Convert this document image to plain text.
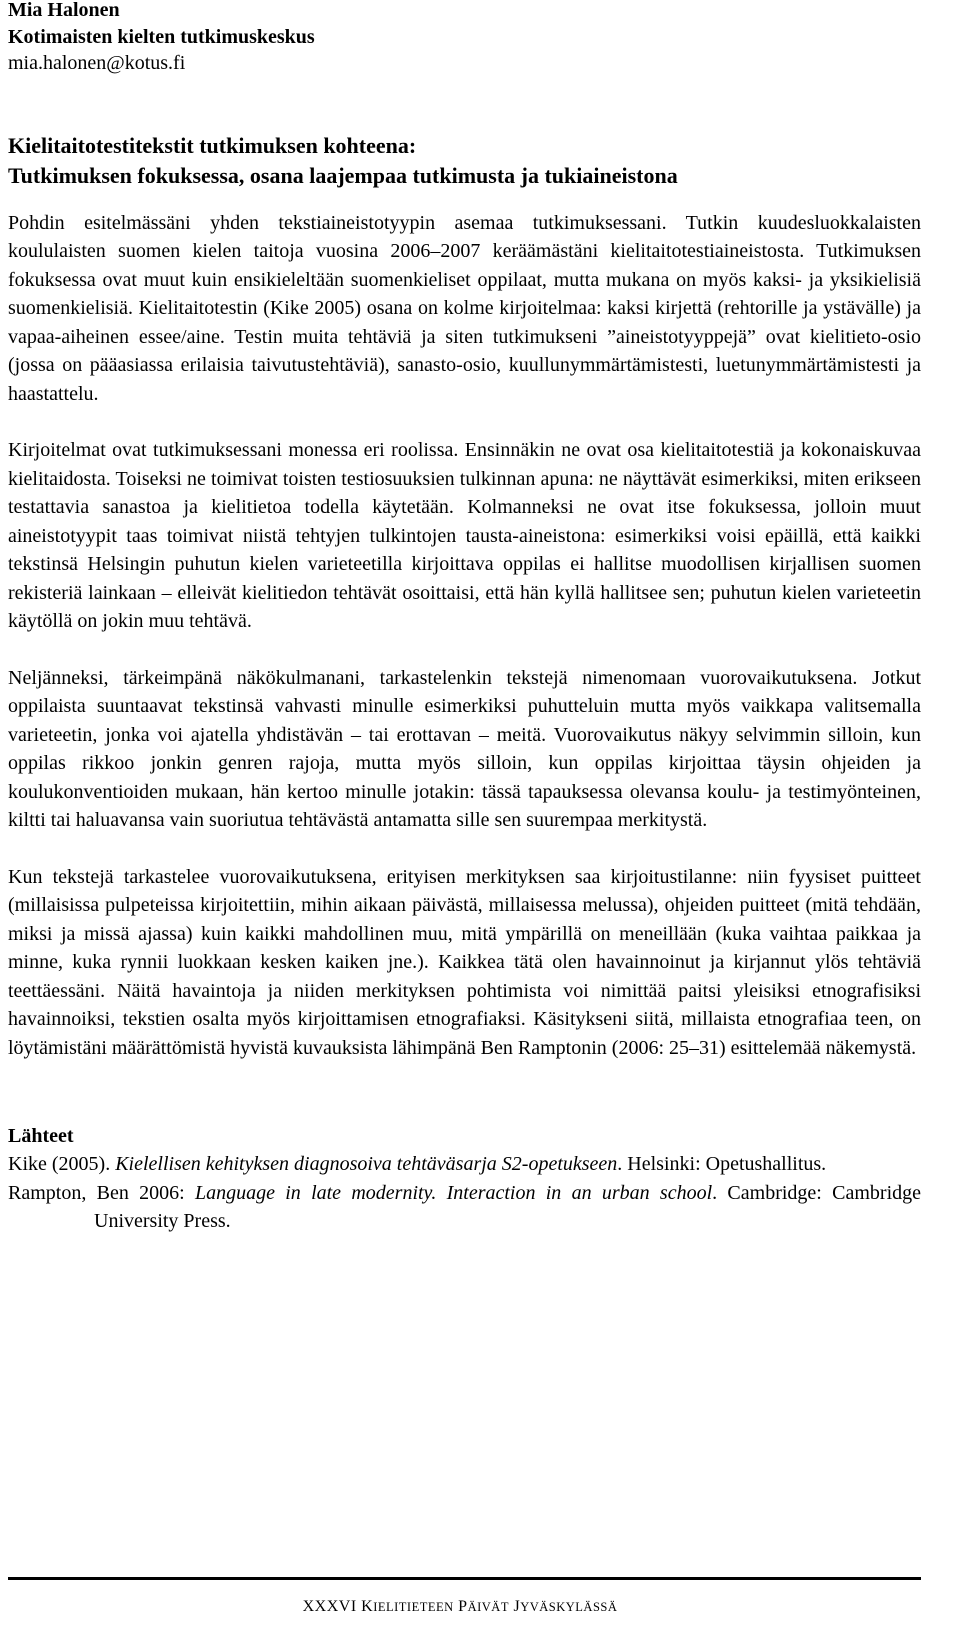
Mia Halonen
Kotimaisten kielten tutkimuskeskus
mia.halonen@kotus.fi
Kielitaitotestitekstit tutkimuksen kohteena:
Tutkimuksen fokuksessa, osana laajempaa tutkimusta ja tukiaineistona

Pohdin esitelmässäni yhden tekstiaineistotyypin asemaa tutkimuksessani. Tutkin kuudesluokkalaisten koululaisten suomen kielen taitoja vuosina 2006–2007 keräämästäni kielitaitotestiaineistosta. Tutkimuksen fokuksessa ovat muut kuin ensikieleltään suomenkieliset oppilaat, mutta mukana on myös kaksi- ja yksikielisiä suomenkielisiä. Kielitaitotestin (Kike 2005) osana on kolme kirjoitelmaa: kaksi kirjettä (rehtorille ja ystävälle) ja vapaa-aiheinen essee/aine. Testin muita tehtäviä ja siten tutkimukseni ”aineistotyyppejä” ovat kielitieto-osio (jossa on pääasiassa erilaisia taivutustehtäviä), sanasto-osio, kuullunymmärtämistesti, luetunymmärtämistesti ja haastattelu.

Kirjoitelmat ovat tutkimuksessani monessa eri roolissa. Ensinnäkin ne ovat osa kielitaitotestiä ja kokonaiskuvaa kielitaidosta. Toiseksi ne toimivat toisten testiosuuksien tulkinnan apuna: ne näyttävät esimerkiksi, miten erikseen testattavia sanastoa ja kielitietoa todella käytetään. Kolmanneksi ne ovat itse fokuksessa, jolloin muut aineistotyypit taas toimivat niistä tehtyjen tulkintojen tausta-aineistona: esimerkiksi voisi epäillä, että kaikki tekstinsä Helsingin puhutun kielen varieteetilla kirjoittava oppilas ei hallitse muodollisen kirjallisen suomen rekisteriä lainkaan – elleivät kielitiedon tehtävät osoittaisi, että hän kyllä hallitsee sen; puhutun kielen varieteetin käytöllä on jokin muu tehtävä.

Neljänneksi, tärkeimpänä näkökulmanani, tarkastelenkin tekstejä nimenomaan vuorovaikutuksena. Jotkut oppilaista suuntaavat tekstinsä vahvasti minulle esimerkiksi puhutteluin mutta myös vaikkapa valitsemalla varieteetin, jonka voi ajatella yhdistävän – tai erottavan – meitä. Vuorovaikutus näkyy selvimmin silloin, kun oppilas rikkoo jonkin genren rajoja, mutta myös silloin, kun oppilas kirjoittaa täysin ohjeiden ja koulukonventioiden mukaan, hän kertoo minulle jotakin: tässä tapauksessa olevansa koulu- ja testimyönteinen, kiltti tai haluavansa vain suoriutua tehtävästä antamatta sille sen suurempaa merkitystä.

Kun tekstejä tarkastelee vuorovaikutuksena, erityisen merkityksen saa kirjoitustilanne: niin fyysiset puitteet (millaisissa pulpeteissa kirjoitettiin, mihin aikaan päivästä, millaisessa melussa), ohjeiden puitteet (mitä tehdään, miksi ja missä ajassa) kuin kaikki mahdollinen muu, mitä ympärillä on meneillään (kuka vaihtaa paikkaa ja minne, kuka rynnii luokkaan kesken kaiken jne.). Kaikkea tätä olen havainnoinut ja kirjannut ylös tehtäviä teettäessäni. Näitä havaintoja ja niiden merkityksen pohtimista voi nimittää paitsi yleisiksi etnografisiksi havainnoiksi, tekstien osalta myös kirjoittamisen etnografiaksi. Käsitykseni siitä, millaista etnografiaa teen, on löytämistäni määrättömistä hyvistä kuvauksista lähimpänä Ben Ramptonin (2006: 25–31) esittelemää näkemystä.

Lähteet
Kike (2005). Kielellisen kehityksen diagnosoiva tehtäväsarja S2-opetukseen. Helsinki: Opetushallitus.
Rampton, Ben 2006: Language in late modernity. Interaction in an urban school. Cambridge: Cambridge University Press.
XXXVI KIELITIETEEN PÄIVÄT JYVÄSKYLÄSSÄ
